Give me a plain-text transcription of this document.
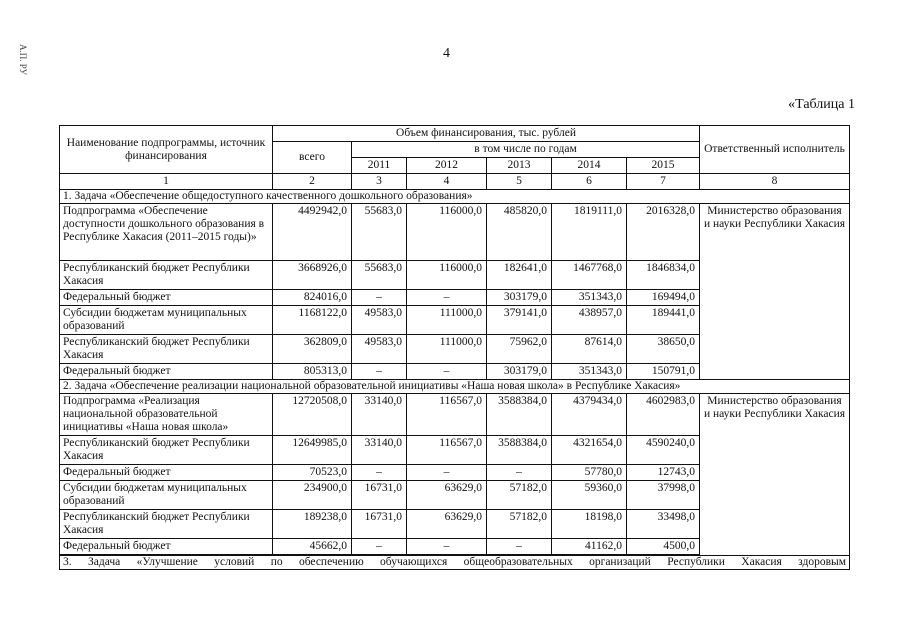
А.П. РУ	4
«Таблица 1
Наименование подпрограммы, источник финансирования	Объем финансирования, тыс. рублей						Ответственный исполнитель
	всего	в том числе по годам					
		2011	2012	2013	2014	2015	
1	2	3	4	5	6	7	8
1. Задача «Обеспечение общедоступного качественного дошкольного образования»							
Подпрограмма «Обеспечение доступности дошкольного образования в Республике Хакасия (2011–2015 годы)»	4492942,0	55683,0	116000,0	485820,0	1819111,0	2016328,0	Министерство образования и науки Республики Хакасия
Республиканский бюджет Республики Хакасия	3668926,0	55683,0	116000,0	182641,0	1467768,0	1846834,0	
Федеральный бюджет	824016,0	–	–	303179,0	351343,0	169494,0	
Субсидии бюджетам муниципальных образований	1168122,0	49583,0	111000,0	379141,0	438957,0	189441,0	
Республиканский бюджет Республики Хакасия	362809,0	49583,0	111000,0	75962,0	87614,0	38650,0	
Федеральный бюджет	805313,0	–	–	303179,0	351343,0	150791,0	
2. Задача «Обеспечение реализации национальной образовательной инициативы «Наша новая школа» в Республике Хакасия»							
Подпрограмма «Реализация национальной образовательной инициативы «Наша новая школа»	12720508,0	33140,0	116567,0	3588384,0	4379434,0	4602983,0	Министерство образования и науки Республики Хакасия
Республиканский бюджет Республики Хакасия	12649985,0	33140,0	116567,0	3588384,0	4321654,0	4590240,0	
Федеральный бюджет	70523,0	–	–	–	57780,0	12743,0	
Субсидии бюджетам муниципальных образований	234900,0	16731,0	63629,0	57182,0	59360,0	37998,0	
Республиканский бюджет Республики Хакасия	189238,0	16731,0	63629,0	57182,0	18198,0	33498,0	
Федеральный бюджет	45662,0	–	–	–	41162,0	4500,0	
3. Задача «Улучшение условий по обеспечению обучающихся общеобразовательных организаций Республики Хакасия здоровым							
